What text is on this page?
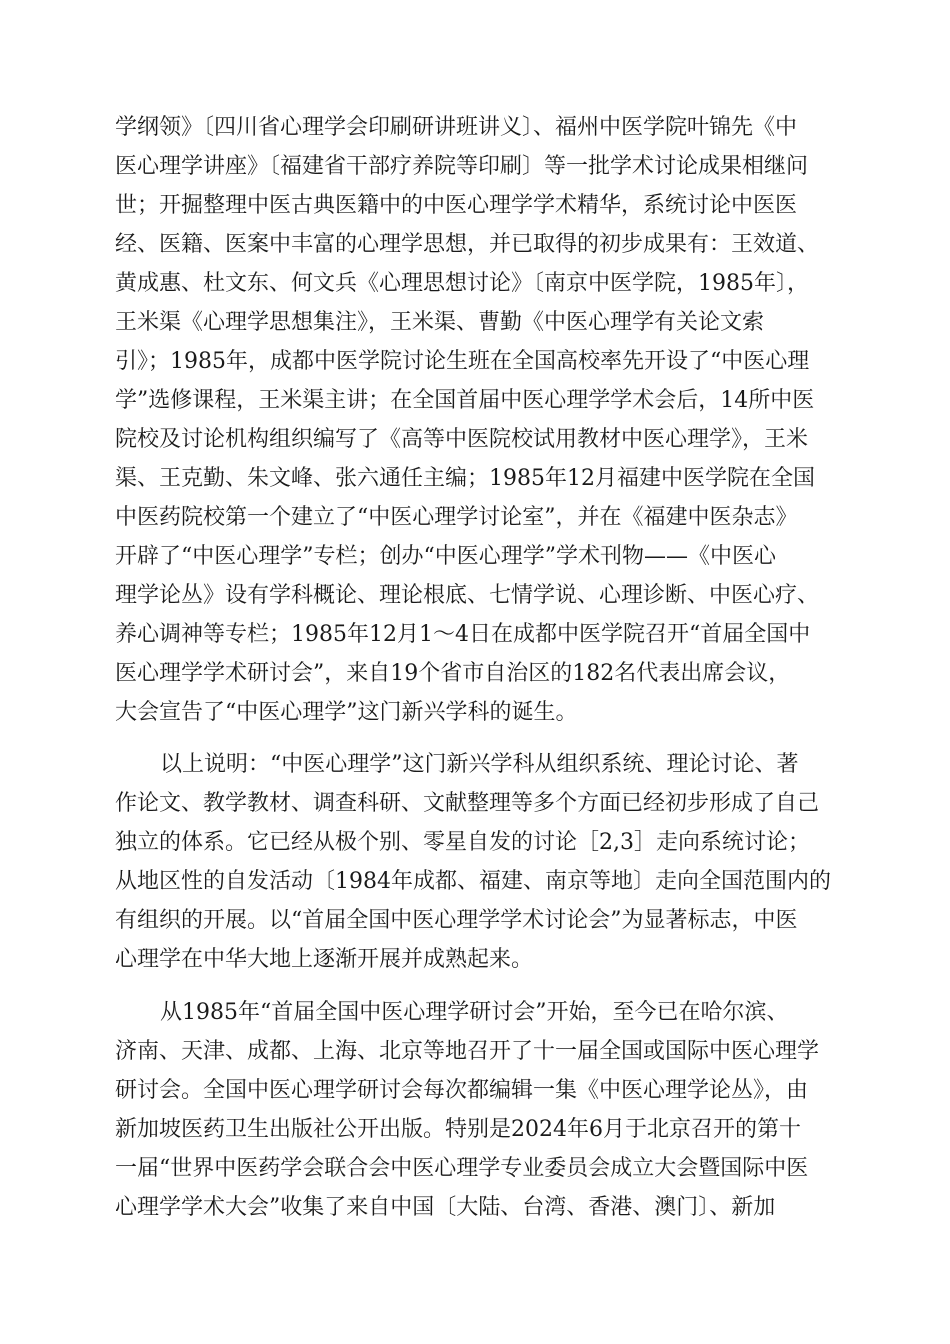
学纲领》〔四川省心理学会印刷研讲班讲义〕、福州中医学院叶锦先《中
医心理学讲座》〔福建省干部疗养院等印刷〕等一批学术讨论成果相继问
世；开掘整理中医古典医籍中的中医心理学学术精华，系统讨论中医医
经、医籍、医案中丰富的心理学思想，并已取得的初步成果有：王效道、
黄成惠、杜文东、何文兵《心理思想讨论》〔南京中医学院，1985年〕，
王米渠《心理学思想集注》，王米渠、曹勤《中医心理学有关论文索
引》；1985年，成都中医学院讨论生班在全国高校率先开设了“中医心理
学”选修课程，王米渠主讲；在全国首届中医心理学学术会后，14所中医
院校及讨论机构组织编写了《高等中医院校试用教材中医心理学》，王米
渠、王克勤、朱文峰、张六通任主编；1985年12月福建中医学院在全国
中医药院校第一个建立了“中医心理学讨论室”，并在《福建中医杂志》
开辟了“中医心理学”专栏；创办“中医心理学”学术刊物——《中医心
理学论丛》设有学科概论、理论根底、七情学说、心理诊断、中医心疗、
养心调神等专栏；1985年12月1～4日在成都中医学院召开“首届全国中
医心理学学术研讨会”，来自19个省市自治区的182名代表出席会议，
大会宣告了“中医心理学”这门新兴学科的诞生。
以上说明：“中医心理学”这门新兴学科从组织系统、理论讨论、著
作论文、教学教材、调查科研、文献整理等多个方面已经初步形成了自己
独立的体系。它已经从极个别、零星自发的讨论［2,3］走向系统讨论；
从地区性的自发活动〔1984年成都、福建、南京等地〕走向全国范围内的
有组织的开展。以“首届全国中医心理学学术讨论会”为显著标志，中医
心理学在中华大地上逐渐开展并成熟起来。
从1985年“首届全国中医心理学研讨会”开始，至今已在哈尔滨、
济南、天津、成都、上海、北京等地召开了十一届全国或国际中医心理学
研讨会。全国中医心理学研讨会每次都编辑一集《中医心理学论丛》，由
新加坡医药卫生出版社公开出版。特别是2024年6月于北京召开的第十
一届“世界中医药学会联合会中医心理学专业委员会成立大会暨国际中医
心理学学术大会”收集了来自中国〔大陆、台湾、香港、澳门〕、新加
